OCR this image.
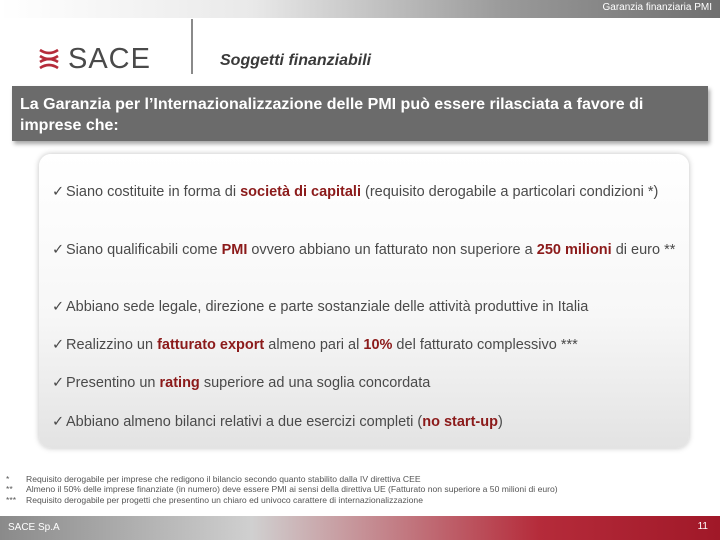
Garanzia finanziaria PMI
SACE	Soggetti finanziabili
La Garanzia per l’Internazionalizzazione delle PMI può essere rilasciata a favore di imprese che:
✓ Siano costituite in forma di società di capitali (requisito derogabile a particolari condizioni *)
✓ Siano qualificabili come PMI ovvero abbiano un fatturato non superiore a 250 milioni di euro **
✓ Abbiano sede legale, direzione e parte sostanziale delle attività produttive in Italia
✓ Realizzino un fatturato export almeno pari al 10% del fatturato complessivo ***
✓ Presentino un rating superiore ad una soglia concordata
✓ Abbiano almeno bilanci relativi a due esercizi completi (no start-up)
*	Requisito derogabile per imprese che redigono il bilancio secondo quanto stabilito dalla IV direttiva CEE
**	Almeno il 50% delle imprese finanziate (in numero) deve essere PMI ai sensi della direttiva UE (Fatturato non superiore a 50 milioni di euro)
***	Requisito derogabile per progetti che presentino un chiaro ed univoco carattere di internazionalizzazione
SACE Sp.A	11
